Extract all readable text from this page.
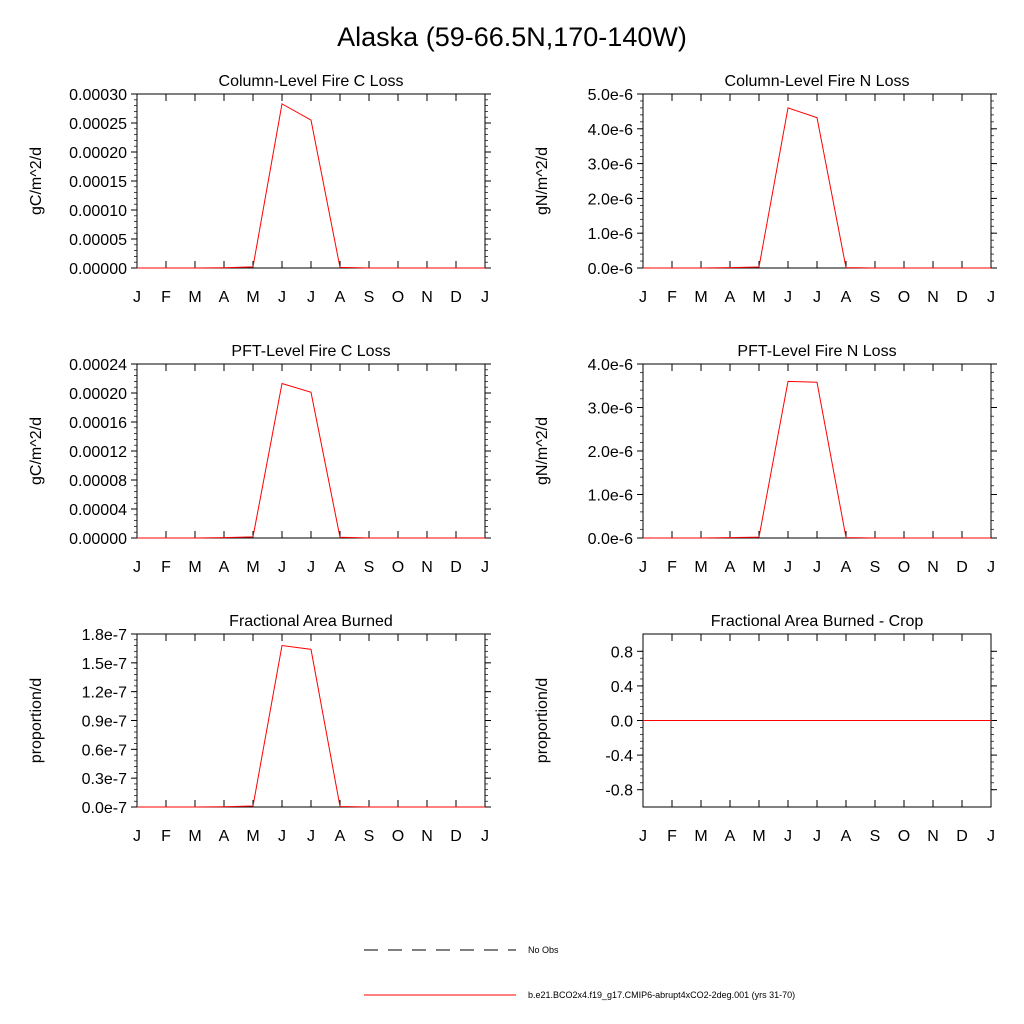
Alaska (59-66.5N,170-140W)
Column-Level Fire C Loss
gC/m^2/d
J F M A M J J A S O N D J
0.00000
0.00005
0.00010
0.00015
0.00020
0.00025
0.00030
Column-Level Fire N Loss
gN/m^2/d
J F M A M J J A S O N D J
0.0e-6
1.0e-6
2.0e-6
3.0e-6
4.0e-6
5.0e-6
PFT-Level Fire C Loss
gC/m^2/d
J F M A M J J A S O N D J
0.00000
0.00004
0.00008
0.00012
0.00016
0.00020
0.00024
PFT-Level Fire N Loss
gN/m^2/d
J F M A M J J A S O N D J
0.0e-6
1.0e-6
2.0e-6
3.0e-6
4.0e-6
Fractional Area Burned
proportion/d
J F M A M J J A S O N D J
0.0e-7
0.3e-7
0.6e-7
0.9e-7
1.2e-7
1.5e-7
1.8e-7
Fractional Area Burned - Crop
proportion/d
J F M A M J J A S O N D J
-0.8
-0.4
0.0
0.4
0.8
No Obs
b.e21.BCO2x4.f19_g17.CMIP6-abrupt4xCO2-2deg.001 (yrs 31-70)
